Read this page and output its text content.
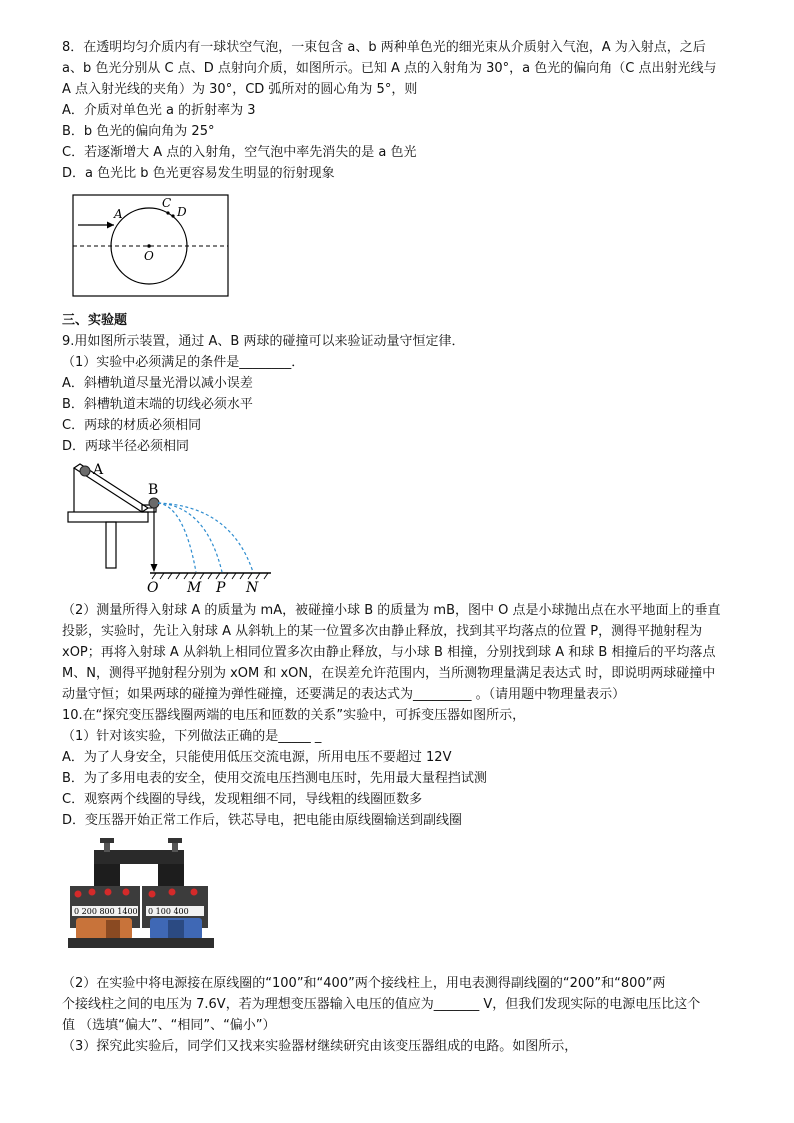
8．在透明均匀介质内有一球状空气泡，一束包含 a、b 两种单色光的细光束从介质射入气泡，A 为入射点，之后
a、b 色光分别从 C 点、D 点射向介质，如图所示。已知 A 点的入射角为 30°，a 色光的偏向角（C 点出射光线与
A 点入射光线的夹角）为 30°，CD 弧所对的圆心角为 5°，则
A．介质对单色光 a 的折射率为 3
B．b 色光的偏向角为 25°
C．若逐渐增大 A 点的入射角，空气泡中率先消失的是 a 色光
D．a 色光比 b 色光更容易发生明显的衍射现象
A
C
D
O
三、实验题
9.用如图所示装置，通过 A、B 两球的碰撞可以来验证动量守恒定律．
（1）实验中必须满足的条件是________．
A．斜槽轨道尽量光滑以减小误差
B．斜槽轨道末端的切线必须水平
C．两球的材质必须相同
D．两球半径必须相同
A
B
O M P N
（2）测量所得入射球 A 的质量为 mA，被碰撞小球 B 的质量为 mB，图中 O 点是小球抛出点在水平地面上的垂直
投影，实验时，先让入射球 A 从斜轨上的某一位置多次由静止释放，找到其平均落点的位置 P，测得平抛射程为
xOP；再将入射球 A 从斜轨上相同位置多次由静止释放，与小球 B 相撞，分别找到球 A 和球 B 相撞后的平均落点
M、N，测得平抛射程分别为 xOM 和 xON，在误差允许范围内，当所测物理量满足表达式 时，即说明两球碰撞中
动量守恒；如果两球的碰撞为弹性碰撞，还要满足的表达式为_________ 。（请用题中物理量表示）
10.在“探究变压器线圈两端的电压和匝数的关系”实验中，可拆变压器如图所示，
（1）针对该实验，下列做法正确的是_____ _
A．为了人身安全，只能使用低压交流电源，所用电压不要超过 12V
B．为了多用电表的安全，使用交流电压挡测电压时，先用最大量程挡试测
C．观察两个线圈的导线，发现粗细不同，导线粗的线圈匝数多
D．变压器开始正常工作后，铁芯导电，把电能由原线圈输送到副线圈
0 200 800 1400 0 100 400
（2）在实验中将电源接在原线圈的“100”和“400”两个接线柱上，用电表测得副线圈的“200”和“800”两
个接线柱之间的电压为 7.6V，若为理想变压器输入电压的值应为_______ V，但我们发现实际的电源电压比这个
值 （选填“偏大”、“相同”、“偏小”）
（3）探究此实验后，同学们又找来实验器材继续研究由该变压器组成的电路。如图所示，
